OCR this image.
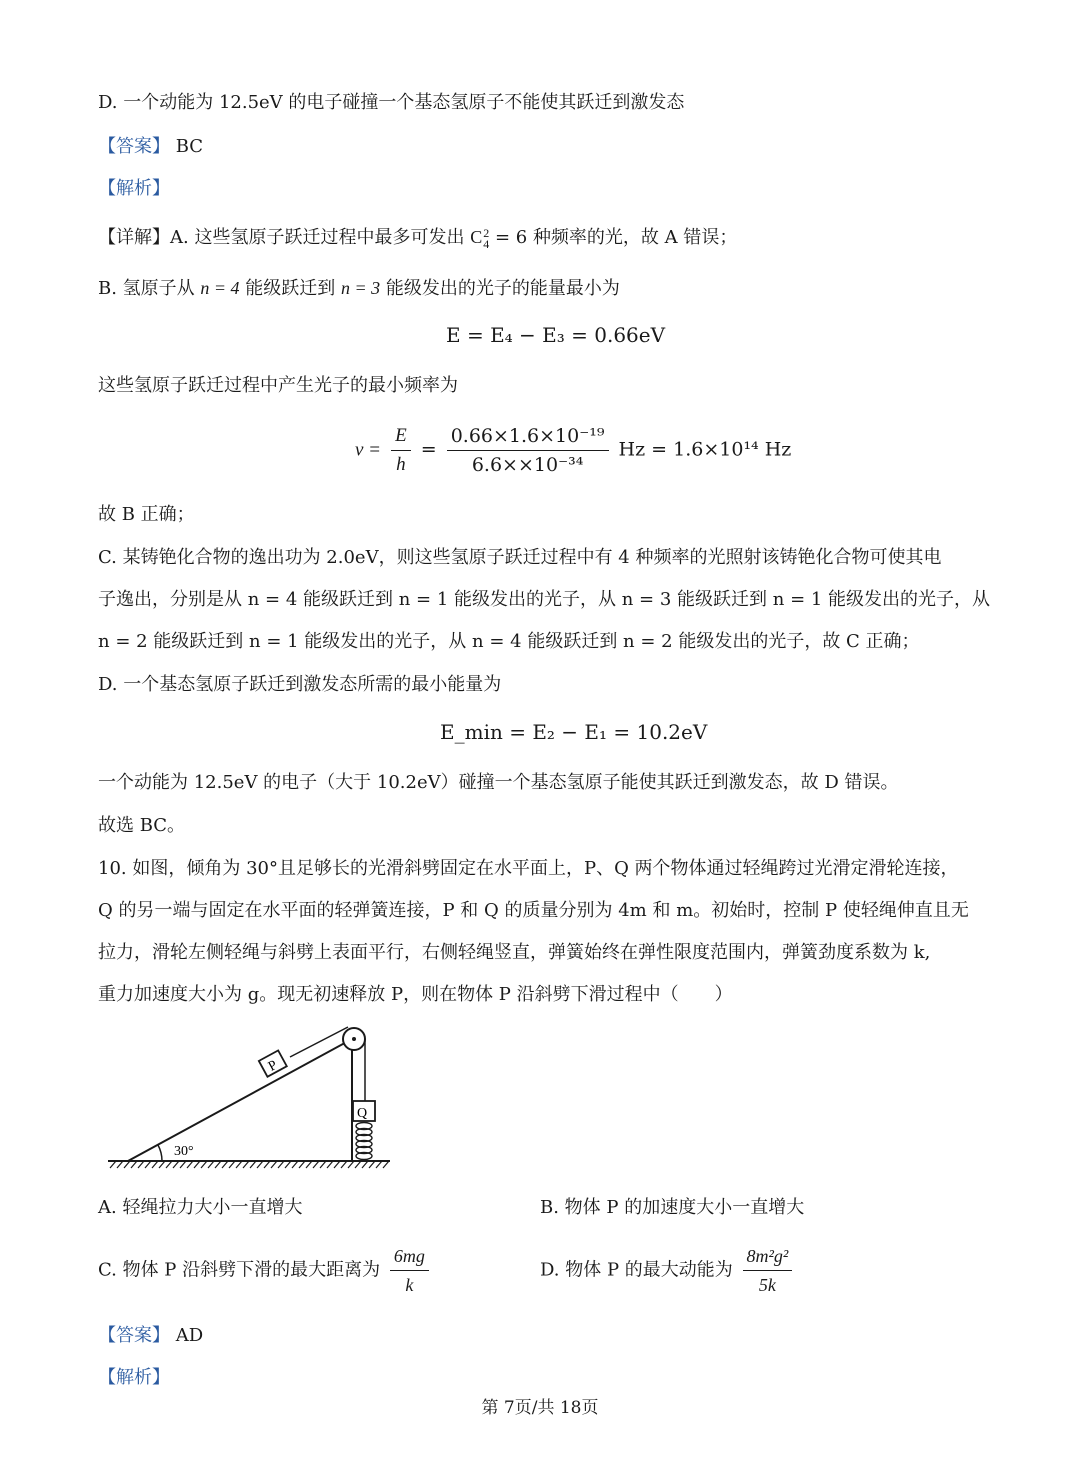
D. 一个动能为 12.5eV 的电子碰撞一个基态氢原子不能使其跃迁到激发态
【答案】 BC
【解析】
【详解】A. 这些氢原子跃迁过程中最多可发出 C 2
4 = 6 种频率的光，故 A 错误；
B. 氢原子从 n = 4 能级跃迁到 n = 3 能级发出的光子的能量最小为
E = E₄ − E₃ = 0.66eV
这些氢原子跃迁过程中产生光子的最小频率为
$\nu = \frac{E}{h} = \frac{\text{0.66×1.6×10⁻¹⁹}}{\text{6.6××10⁻³⁴}}$ Hz = 1.6×10¹⁴ Hz
故 B 正确；
C. 某铸铯化合物的逸出功为 2.0eV，则这些氢原子跃迁过程中有 4 种频率的光照射该铸铯化合物可使其电
子逸出，分别是从 n = 4 能级跃迁到 n = 1 能级发出的光子，从 n = 3 能级跃迁到 n = 1 能级发出的光子，从
n = 2 能级跃迁到 n = 1 能级发出的光子，从 n = 4 能级跃迁到 n = 2 能级发出的光子，故 C 正确；
D. 一个基态氢原子跃迁到激发态所需的最小能量为
E_min = E₂ − E₁ = 10.2eV
一个动能为 12.5eV 的电子（大于 10.2eV）碰撞一个基态氢原子能使其跃迁到激发态，故 D 错误。
故选 BC。
10. 如图，倾角为 30°且足够长的光滑斜劈固定在水平面上，P、Q 两个物体通过轻绳跨过光滑定滑轮连接，
Q 的另一端与固定在水平面的轻弹簧连接，P 和 Q 的质量分别为 4m 和 m。初始时，控制 P 使轻绳伸直且无
拉力，滑轮左侧轻绳与斜劈上表面平行，右侧轻绳竖直，弹簧始终在弹性限度范围内，弹簧劲度系数为 k,
重力加速度大小为 g。现无初速释放 P，则在物体 P 沿斜劈下滑过程中（　　）
30°
P
Q
A. 轻绳拉力大小一直增大	B. 物体 P 的加速度大小一直增大
C. 物体 P 沿斜劈下滑的最大距离为 $\frac{6mg}{k}$	D. 物体 P 的最大动能为 $\frac{\text{8m²g²}}{5k}$
【答案】 AD
【解析】
第 7页/共 18页
